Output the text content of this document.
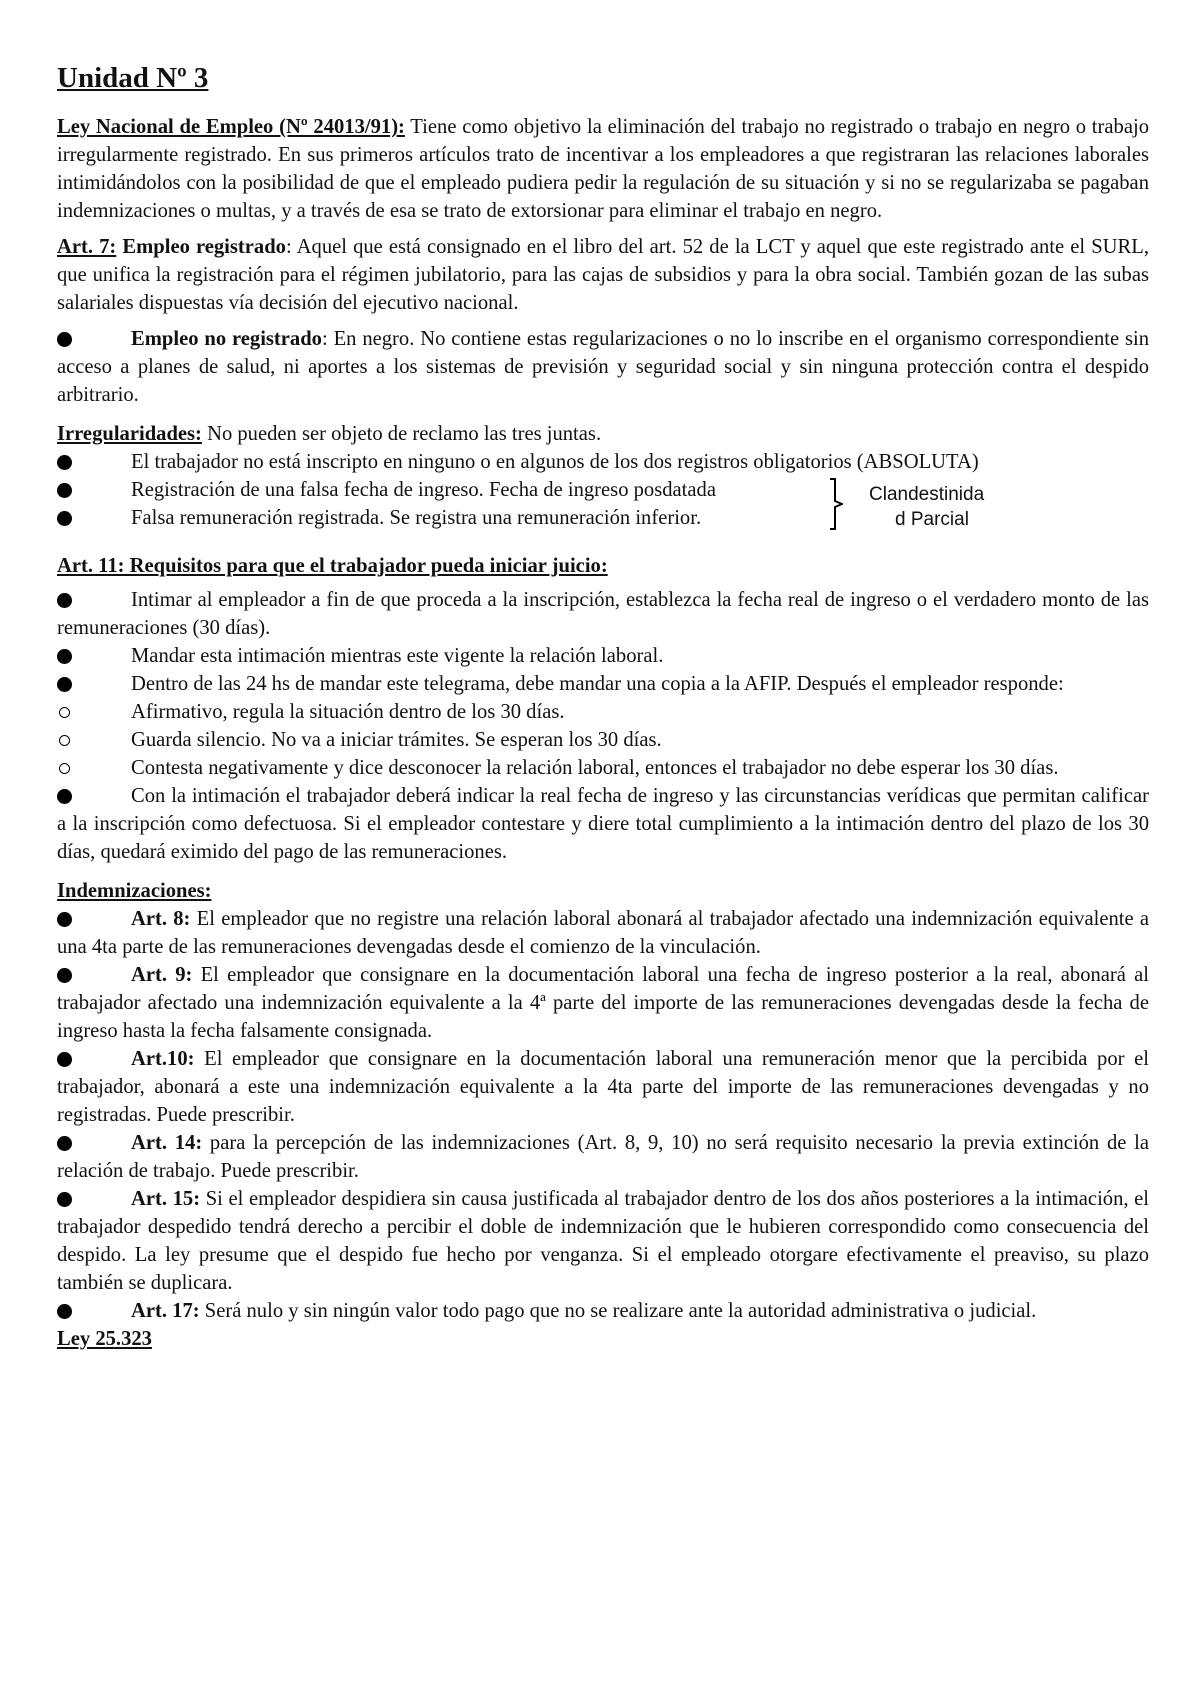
Unidad Nº 3

Ley Nacional de Empleo (Nº 24013/91): Tiene como objetivo la eliminación del trabajo no registrado o trabajo en negro o trabajo irregularmente registrado. En sus primeros artículos trato de incentivar a los empleadores a que registraran las relaciones laborales intimidándolos con la posibilidad de que el empleado pudiera pedir la regulación de su situación y si no se regularizaba se pagaban indemnizaciones o multas, y a través de esa se trato de extorsionar para eliminar el trabajo en negro.

Art. 7: Empleo registrado: Aquel que está consignado en el libro del art. 52 de la LCT y aquel que este registrado ante el SURL, que unifica la registración para el régimen jubilatorio, para las cajas de subsidios y para la obra social. También gozan de las subas salariales dispuestas vía decisión del ejecutivo nacional.

Empleo no registrado: En negro. No contiene estas regularizaciones o no lo inscribe en el organismo correspondiente sin acceso a planes de salud, ni aportes a los sistemas de previsión y seguridad social y sin ninguna protección contra el despido arbitrario.

Irregularidades: No pueden ser objeto de reclamo las tres juntas.

El trabajador no está inscripto en ninguno o en algunos de los dos registros obligatorios (ABSOLUTA)
Registración de una falsa fecha de ingreso. Fecha de ingreso posdatada
Falsa remuneración registrada. Se registra una remuneración inferior.
Clandestinida
d Parcial

Art. 11: Requisitos para que el trabajador pueda iniciar juicio:

Intimar al empleador a fin de que proceda a la inscripción, establezca la fecha real de ingreso o el verdadero monto de las remuneraciones (30 días).

Mandar esta intimación mientras este vigente la relación laboral.

Dentro de las 24 hs de mandar este telegrama, debe mandar una copia a la AFIP. Después el empleador responde:

Afirmativo, regula la situación dentro de los 30 días.

Guarda silencio. No va a iniciar trámites. Se esperan los 30 días.

Contesta negativamente y dice desconocer la relación laboral, entonces el trabajador no debe esperar los 30 días.

Con la intimación el trabajador deberá indicar la real fecha de ingreso y las circunstancias verídicas que permitan calificar a la inscripción como defectuosa. Si el empleador contestare y diere total cumplimiento a la intimación dentro del plazo de los 30 días, quedará eximido del pago de las remuneraciones.

Indemnizaciones:

Art. 8: El empleador que no registre una relación laboral abonará al trabajador afectado una indemnización equivalente a una 4ta parte de las remuneraciones devengadas desde el comienzo de la vinculación.

Art. 9: El empleador que consignare en la documentación laboral una fecha de ingreso posterior a la real, abonará al trabajador afectado una indemnización equivalente a la 4ª parte del importe de las remuneraciones devengadas desde la fecha de ingreso hasta la fecha falsamente consignada.

Art.10: El empleador que consignare en la documentación laboral una remuneración menor que la percibida por el trabajador, abonará a este una indemnización equivalente a la 4ta parte del importe de las remuneraciones devengadas y no registradas. Puede prescribir.

Art. 14: para la percepción de las indemnizaciones (Art. 8, 9, 10) no será requisito necesario la previa extinción de la relación de trabajo. Puede prescribir.

Art. 15: Si el empleador despidiera sin causa justificada al trabajador dentro de los dos años posteriores a la intimación, el trabajador despedido tendrá derecho a percibir el doble de indemnización que le hubieren correspondido como consecuencia del despido. La ley presume que el despido fue hecho por venganza. Si el empleado otorgare efectivamente el preaviso, su plazo también se duplicara.

Art. 17: Será nulo y sin ningún valor todo pago que no se realizare ante la autoridad administrativa o judicial.

Ley 25.323
